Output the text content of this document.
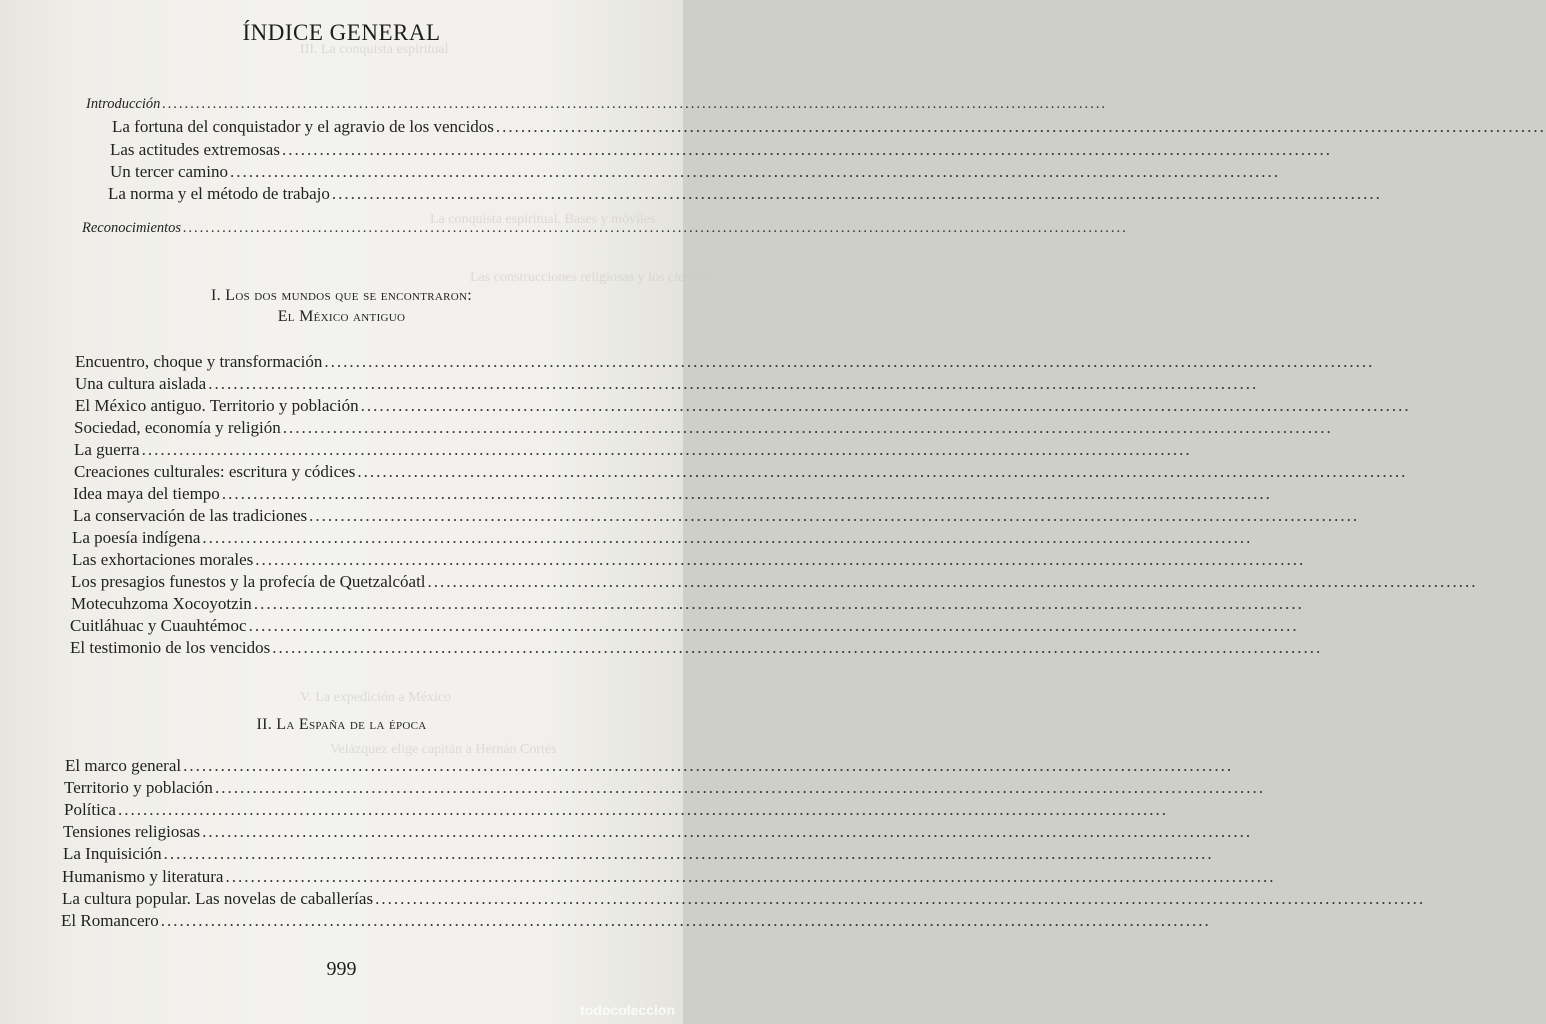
III. La conquista espiritual
La conquista espiritual. Bases y móviles
Las construcciones religiosas y los clérigos
V. La expedición a México
Velázquez elige capitán a Hernán Cortés
ÍNDICE GENERAL
Introducción
.....
La fortuna del conquistador y el agravio de los vencidos
.....
Las actitudes extremosas
.....
Un tercer camino
.....
La norma y el método de trabajo
.....
Reconocimientos
.....
I. Los dos mundos que se encontraron:
El México antiguo
Encuentro, choque y transformación
.....
Una cultura aislada
.....
El México antiguo. Territorio y población
.....
Sociedad, economía y religión
.....
La guerra
.....
Creaciones culturales: escritura y códices
.....
Idea maya del tiempo
.....
La conservación de las tradiciones
.....
La poesía indígena
.....
Las exhortaciones morales
.....
Los presagios funestos y la profecía de Quetzalcóatl
.....
Motecuhzoma Xocoyotzin
.....
Cuitláhuac y Cuauhtémoc
.....
El testimonio de los vencidos
.....
II. La España de la época
El marco general
.....
Territorio y población
.....
Política
.....
Tensiones religiosas
.....
La Inquisición
.....
Humanismo y literatura
.....
La cultura popular. Las novelas de caballerías
.....
El Romancero
.....
999
todocoleccion
